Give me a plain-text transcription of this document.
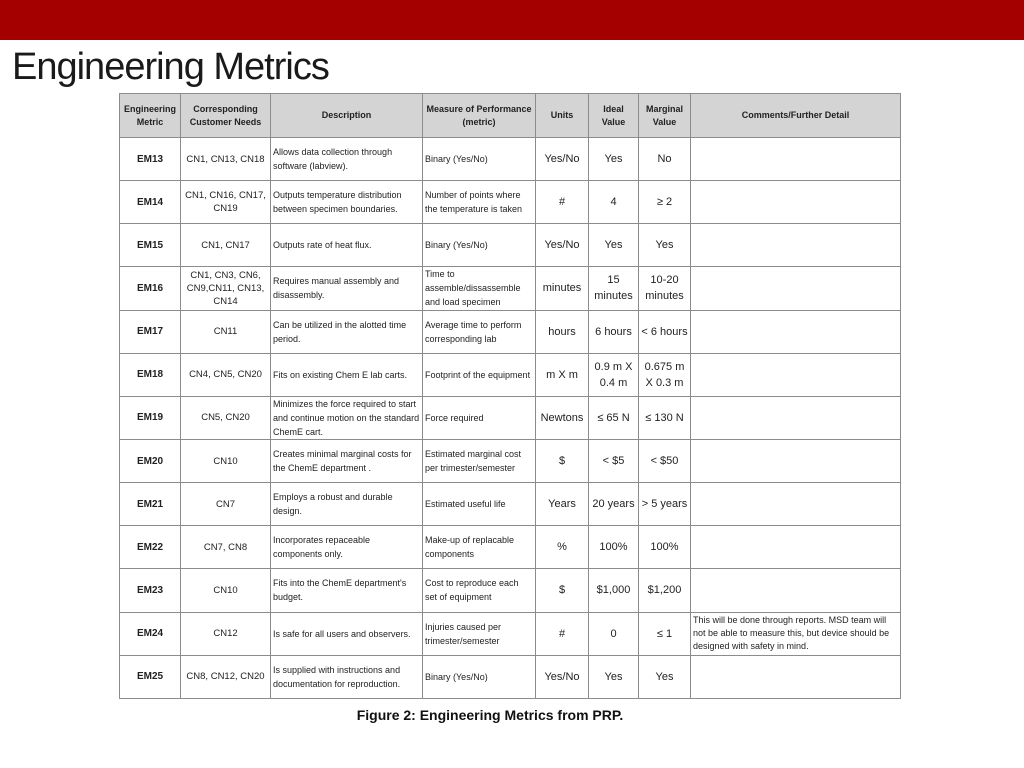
Engineering Metrics
Engineering Metric	Corresponding Customer Needs	Description	Measure of Performance (metric)	Units	Ideal Value	Marginal Value	Comments/Further Detail
EM13	CN1, CN13, CN18	Allows data collection through software (labview).	Binary (Yes/No)	Yes/No	Yes	No	
EM14	CN1, CN16, CN17, CN19	Outputs temperature distribution between specimen boundaries.	Number of points where the temperature is taken	#	4	≥ 2	
EM15	CN1, CN17	Outputs rate of heat flux.	Binary (Yes/No)	Yes/No	Yes	Yes	
EM16	CN1, CN3, CN6, CN9,CN11, CN13, CN14	Requires manual assembly and disassembly.	Time to assemble/dissassemble and load specimen	minutes	15 minutes	10-20 minutes	
EM17	CN11	Can be utilized in the alotted time period.	Average time to perform corresponding lab	hours	6 hours	< 6 hours	
EM18	CN4, CN5, CN20	Fits on existing Chem E lab carts.	Footprint of the equipment	m X m	0.9 m X 0.4 m	0.675 m X 0.3 m	
EM19	CN5, CN20	Minimizes the force required to start and continue motion on the standard ChemE cart.	Force required	Newtons	≤ 65 N	≤ 130 N	
EM20	CN10	Creates minimal marginal costs for the ChemE department .	Estimated marginal cost per trimester/semester	$	< $5	< $50	
EM21	CN7	Employs a robust and durable design.	Estimated useful life	Years	20 years	> 5 years	
EM22	CN7, CN8	Incorporates repaceable components only.	Make-up of replacable components	%	100%	100%	
EM23	CN10	Fits into the ChemE department's budget.	Cost to reproduce each set of equipment	$	$1,000	$1,200	
EM24	CN12	Is safe for all users and observers.	Injuries caused per trimester/semester	#	0	≤ 1	This will be done through reports. MSD team will not be able to measure this, but device should be designed with safety in mind.
EM25	CN8, CN12, CN20	Is supplied with instructions and documentation for reproduction.	Binary (Yes/No)	Yes/No	Yes	Yes	
Figure 2: Engineering Metrics from PRP.
